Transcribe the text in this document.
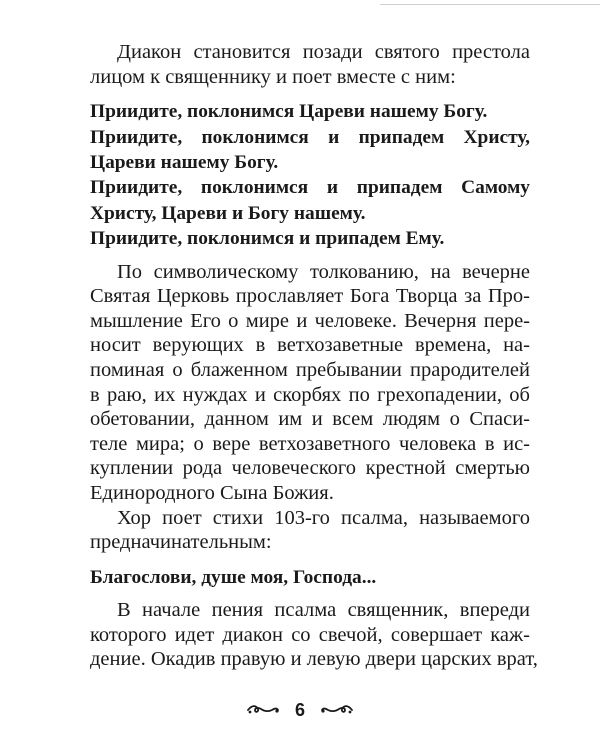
Диакон становится позади святого престола
лицом к священнику и поет вместе с ним:

Приидите, поклонимся Цареви нашему Богу.

Приидите, поклонимся и припадем Христу,

Цареви нашему Богу.

Приидите, поклонимся и припадем Самому

Христу, Цареви и Богу нашему.

Приидите, поклонимся и припадем Ему.

По символическому толкованию, на вечерне
Святая Церковь прославляет Бога Творца за Про-
мышление Его о мире и человеке. Вечерня пере-
носит верующих в ветхозаветные времена, на-
поминая о блаженном пребывании прародителей
в раю, их нуждах и скорбях по грехопадении, об
обетовании, данном им и всем людям о Спаси-
теле мира; о вере ветхозаветного человека в ис-
куплении рода человеческого крестной смертью
Единородного Сына Божия.

Хор поет стихи 103-го псалма, называемого
предначинательным:

Благослови, душе моя, Господа...

В начале пения псалма священник, впереди
которого идет диакон со свечой, совершает каж-
дение. Окадив правую и левую двери царских врат,

6
